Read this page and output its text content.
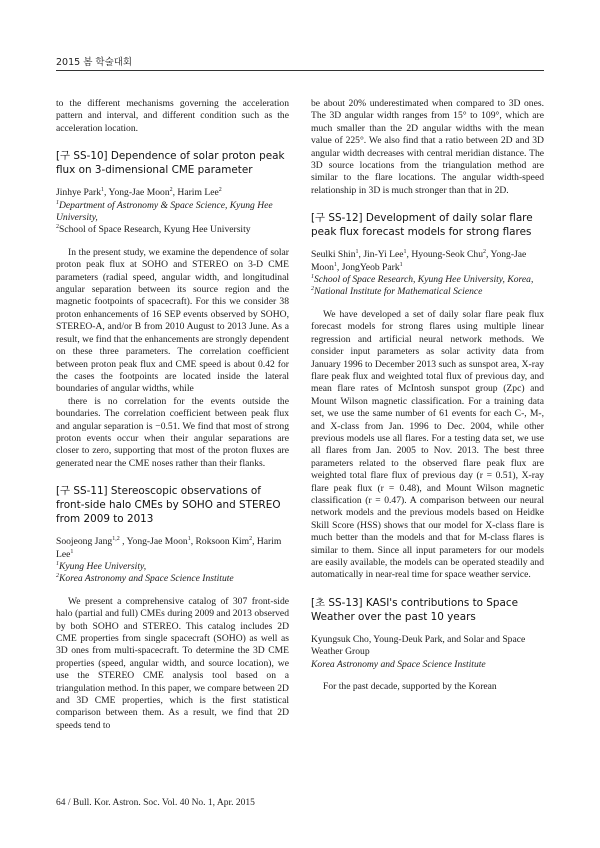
2015 봄 학술대회

to the different mechanisms governing the acceleration pattern and interval, and different condition such as the acceleration location.

[구 SS-10] Dependence of solar proton peak flux on 3-dimensional CME parameter

Jinhye Park$^1$, Yong-Jae Moon$^2$, Harim Lee$^2$

$^1$Department of Astronomy & Space Science, Kyung Hee University,

$^2$School of Space Research, Kyung Hee University

In the present study, we examine the dependence of solar proton peak flux at SOHO and STEREO on 3-D CME parameters (radial speed, angular width, and longitudinal angular separation between its source region and the magnetic footpoints of spacecraft). For this we consider 38 proton enhancements of 16 SEP events observed by SOHO, STEREO-A, and/or B from 2010 August to 2013 June. As a result, we find that the enhancements are strongly dependent on these three parameters. The correlation coefficient between proton peak flux and CME speed is about 0.42 for the cases the footpoints are located inside the lateral boundaries of angular widths, while

there is no correlation for the events outside the boundaries. The correlation coefficient between peak flux and angular separation is −0.51. We find that most of strong proton events occur when their angular separations are closer to zero, supporting that most of the proton fluxes are generated near the CME noses rather than their flanks.

[구 SS-11] Stereoscopic observations of front-side halo CMEs by SOHO and STEREO from 2009 to 2013

Soojeong Jang$^{1,2}$ , Yong-Jae Moon$^1$, Roksoon Kim$^2$, Harim Lee$^1$

$^1$Kyung Hee University,

$^2$Korea Astronomy and Space Science Institute

We present a comprehensive catalog of 307 front-side halo (partial and full) CMEs during 2009 and 2013 observed by both SOHO and STEREO. This catalog includes 2D CME properties from single spacecraft (SOHO) as well as 3D ones from multi-spacecraft. To determine the 3D CME properties (speed, angular width, and source location), we use the STEREO CME analysis tool based on a triangulation method. In this paper, we compare between 2D and 3D CME properties, which is the first statistical comparison between them. As a result, we find that 2D speeds tend to

be about 20% underestimated when compared to 3D ones. The 3D angular width ranges from 15° to 109°, which are much smaller than the 2D angular widths with the mean value of 225°. We also find that a ratio between 2D and 3D angular width decreases with central meridian distance. The 3D source locations from the triangulation method are similar to the flare locations. The angular width-speed relationship in 3D is much stronger than that in 2D.

[구 SS-12] Development of daily solar flare peak flux forecast models for strong flares

Seulki Shin$^1$, Jin-Yi Lee$^1$, Hyoung-Seok Chu$^2$, Yong-Jae Moon$^1$, JongYeob Park$^1$

$^1$School of Space Research, Kyung Hee University, Korea,

$^2$National Institute for Mathematical Science

We have developed a set of daily solar flare peak flux forecast models for strong flares using multiple linear regression and artificial neural network methods. We consider input parameters as solar activity data from January 1996 to December 2013 such as sunspot area, X-ray flare peak flux and weighted total flux of previous day, and mean flare rates of McIntosh sunspot group (Zpc) and Mount Wilson magnetic classification. For a training data set, we use the same number of 61 events for each C-, M-, and X-class from Jan. 1996 to Dec. 2004, while other previous models use all flares. For a testing data set, we use all flares from Jan. 2005 to Nov. 2013. The best three parameters related to the observed flare peak flux are weighted total flare flux of previous day (r = 0.51), X-ray flare peak flux (r = 0.48), and Mount Wilson magnetic classification (r = 0.47). A comparison between our neural network models and the previous models based on Heidke Skill Score (HSS) shows that our model for X-class flare is much better than the models and that for M-class flares is similar to them. Since all input parameters for our models are easily available, the models can be operated steadily and automatically in near-real time for space weather service.

[초 SS-13] KASI's contributions to Space Weather over the past 10 years

Kyungsuk Cho, Young-Deuk Park, and Solar and Space Weather Group

Korea Astronomy and Space Science Institute

For the past decade, supported by the Korean

64 / Bull. Kor. Astron. Soc. Vol. 40 No. 1, Apr. 2015
